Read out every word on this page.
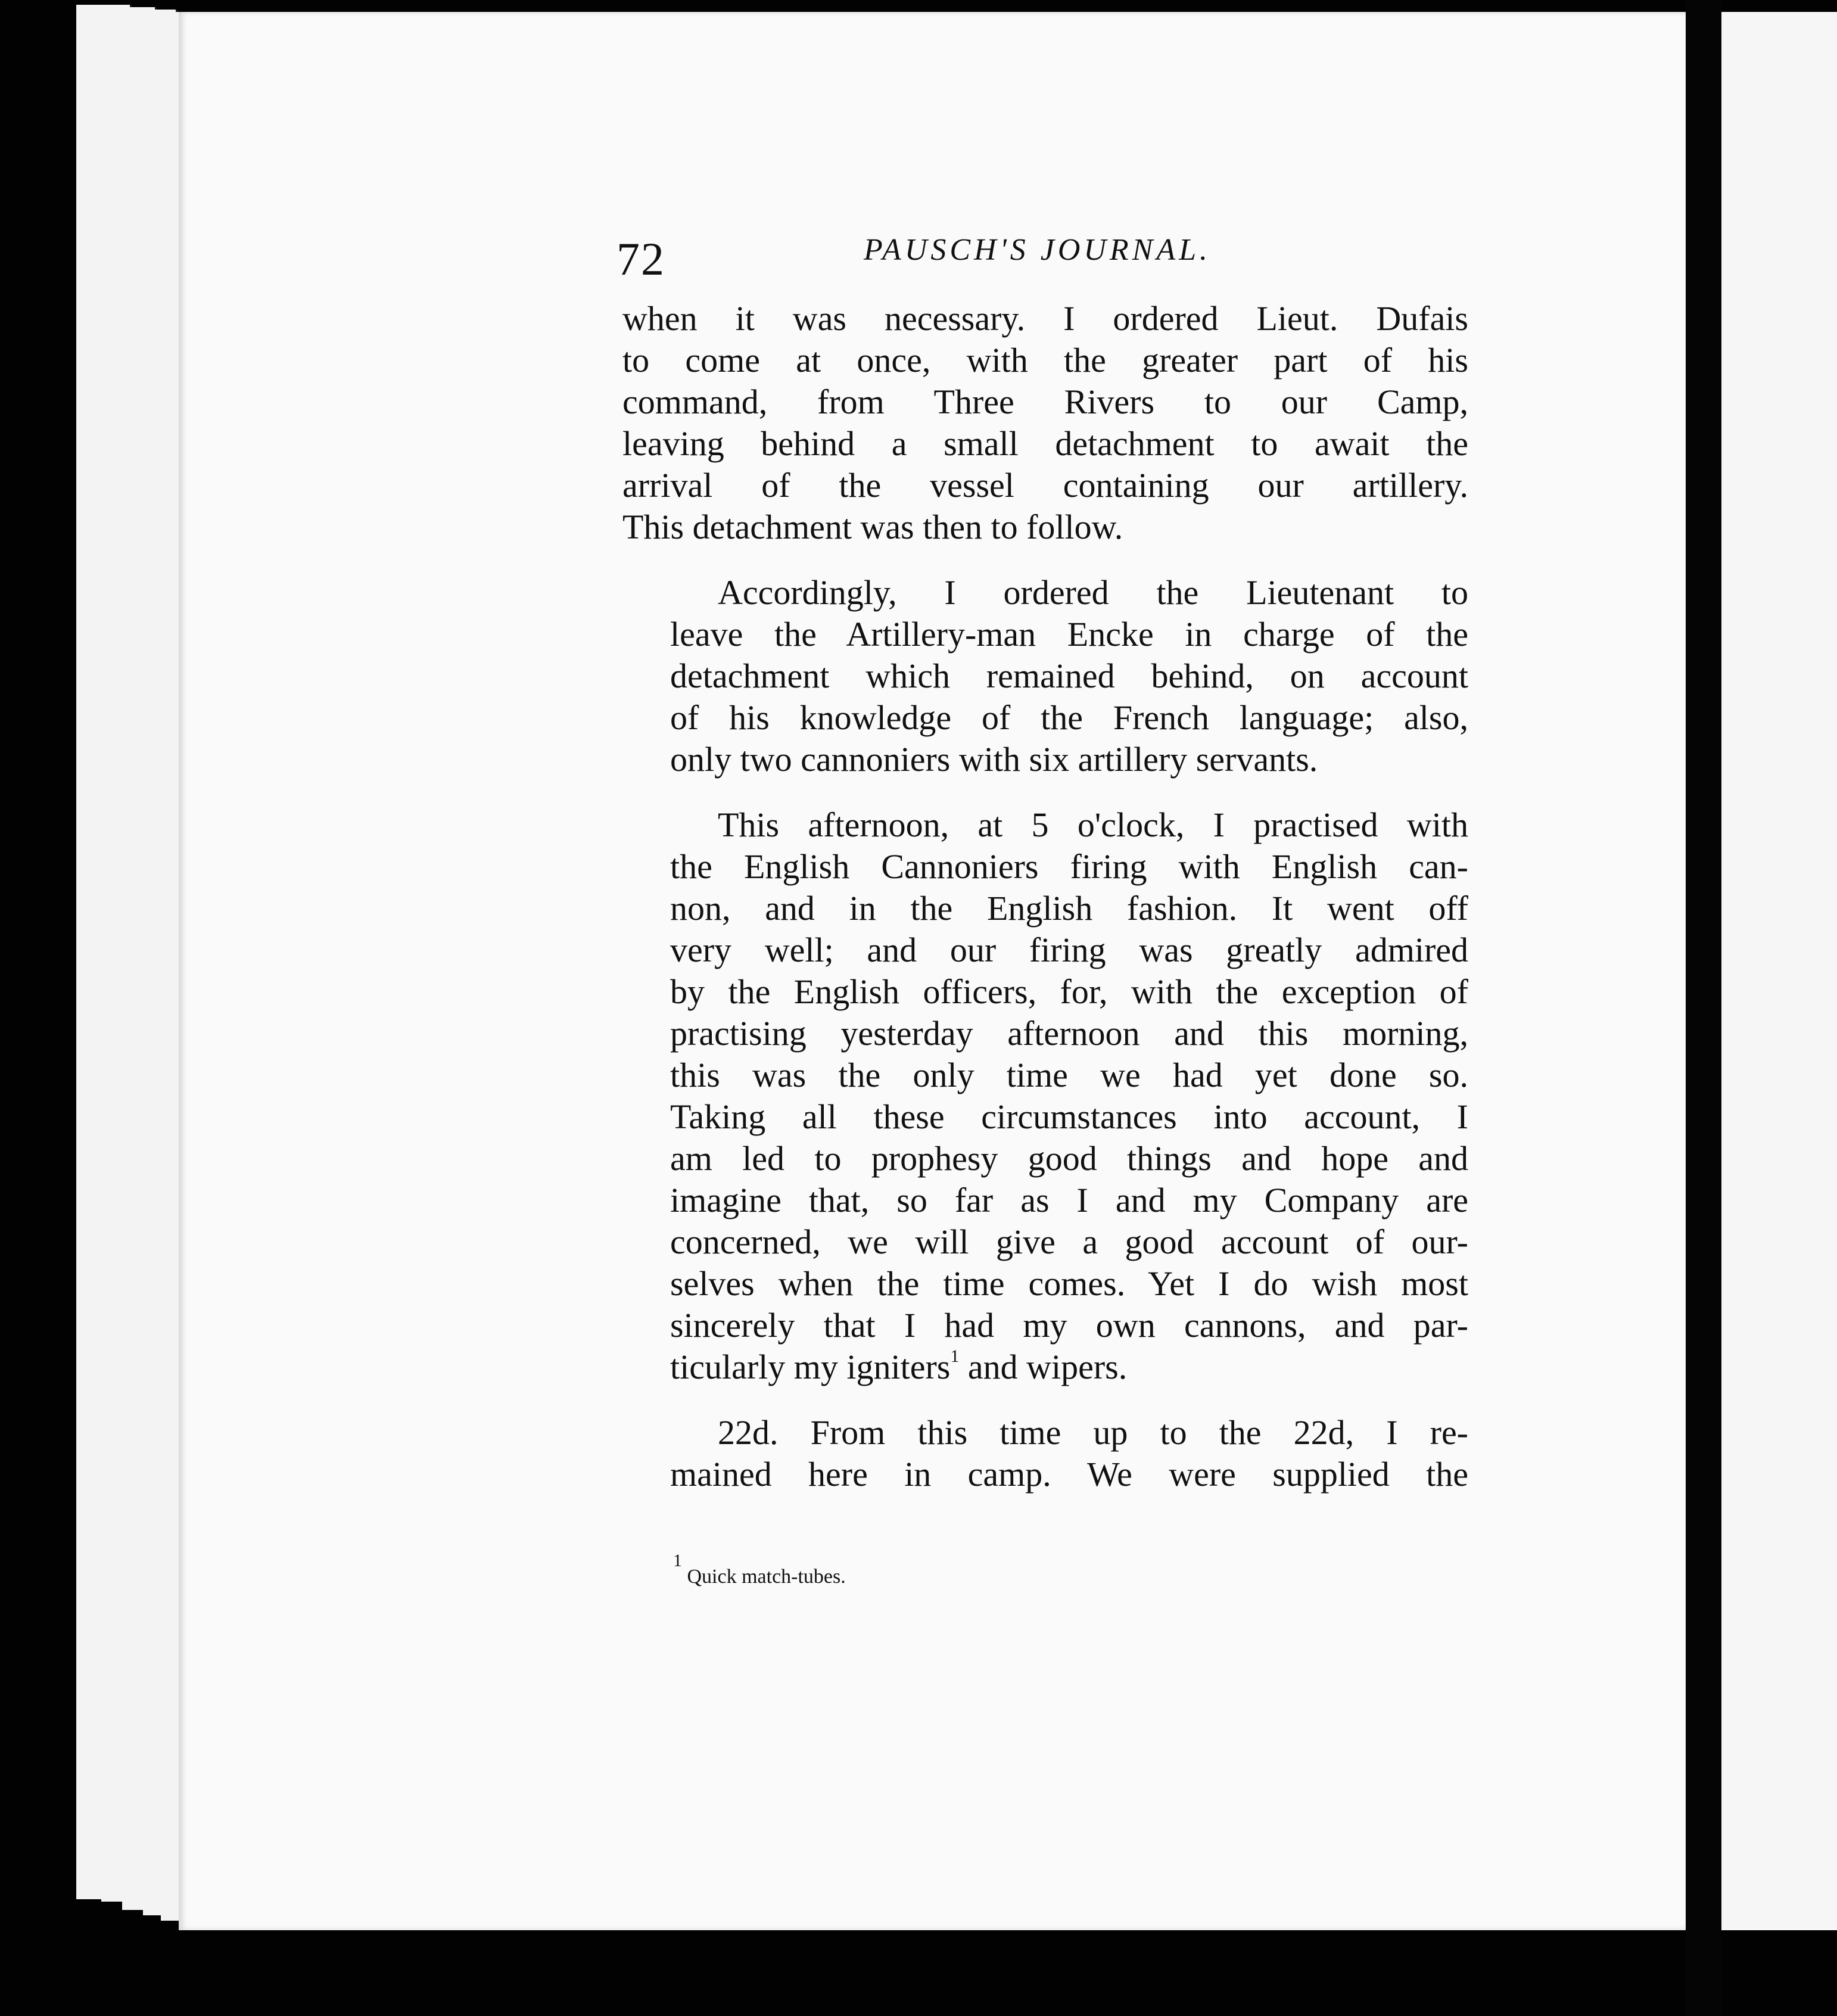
72	PAUSCH'S JOURNAL.
when it was necessary. I ordered Lieut. Dufais
to come at once, with the greater part of his
command, from Three Rivers to our Camp,
leaving behind a small detachment to await the
arrival of the vessel containing our artillery.
This detachment was then to follow.
Accordingly, I ordered the Lieutenant to
leave the Artillery-man Encke in charge of the
detachment which remained behind, on account
of his knowledge of the French language; also,
only two cannoniers with six artillery servants.
This afternoon, at 5 o'clock, I practised with
the English Cannoniers firing with English can-
non, and in the English fashion. It went off
very well; and our firing was greatly admired
by the English officers, for, with the exception of
practising yesterday afternoon and this morning,
this was the only time we had yet done so.
Taking all these circumstances into account, I
am led to prophesy good things and hope and
imagine that, so far as I and my Company are
concerned, we will give a good account of our-
selves when the time comes. Yet I do wish most
sincerely that I had my own cannons, and par-
ticularly my igniters$^1$ and wipers.
22d. From this time up to the 22d, I re-
mained here in camp. We were supplied the
$^1$ Quick match-tubes.
